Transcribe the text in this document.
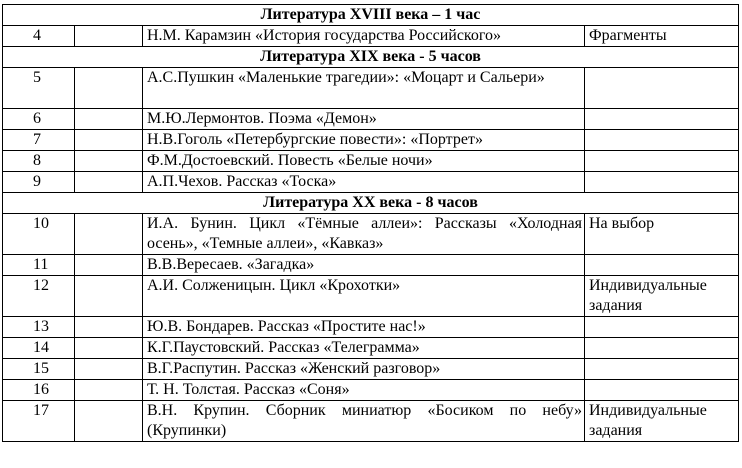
Литература XVIII века – 1 час			
4		Н.М. Карамзин «История государства Российского»	Фрагменты
Литература XIX века - 5 часов			
5		А.С.Пушкин «Маленькие трагедии»: «Моцарт и Сальери»	
6		М.Ю.Лермонтов. Поэма «Демон»	
7		Н.В.Гоголь «Петербургские повести»: «Портрет»	
8		Ф.М.Достоевский. Повесть «Белые ночи»	
9		А.П.Чехов. Рассказ «Тоска»	
Литература XX века - 8 часов			
10		И.А. Бунин. Цикл «Тёмные аллеи»: Рассказы «Холодная осень», «Темные аллеи», «Кавказ»	На выбор
11		В.В.Вересаев. «Загадка»	
12		А.И. Солженицын. Цикл «Крохотки»	Индивидуальные задания
13		Ю.В. Бондарев. Рассказ «Простите нас!»	
14		К.Г.Паустовский. Рассказ «Телеграмма»	
15		В.Г.Распутин. Рассказ «Женский разговор»	
16		Т. Н. Толстая. Рассказ «Соня»	
17		В.Н. Крупин. Сборник миниатюр «Босиком по небу» (Крупинки)	Индивидуальные задания
